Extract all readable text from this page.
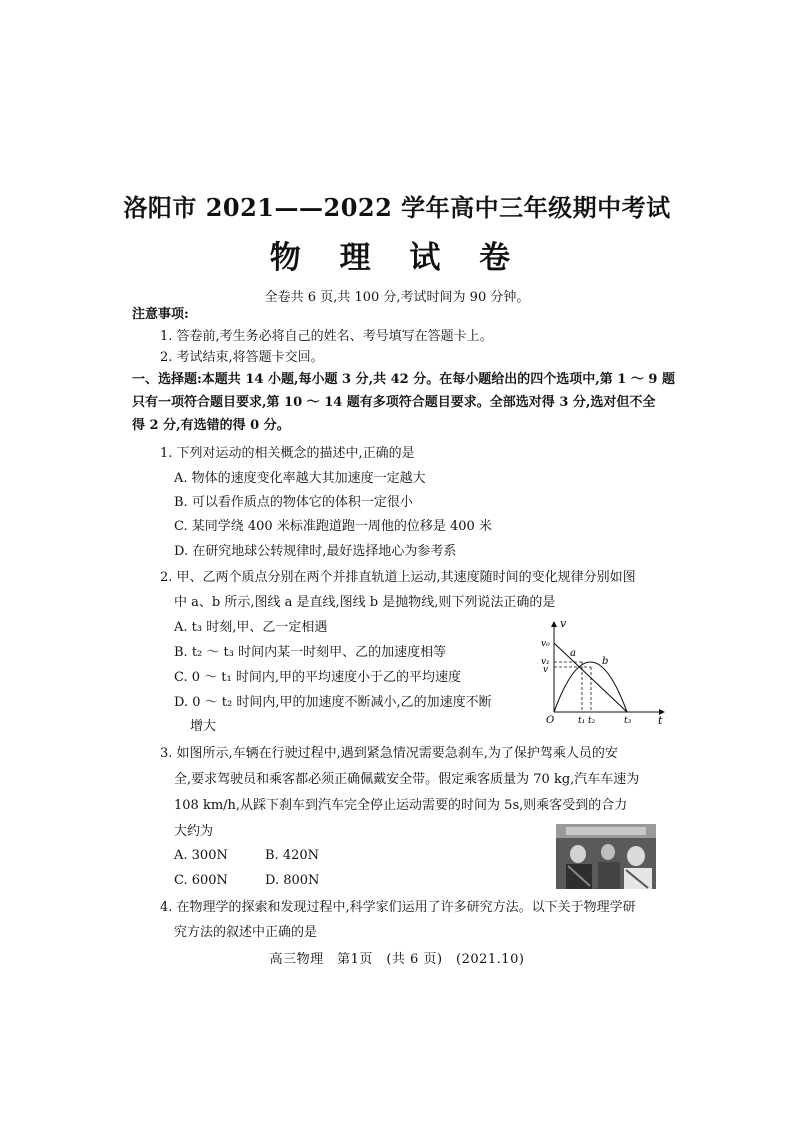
洛阳市 2021——2022 学年高中三年级期中考试
物 理 试 卷
全卷共 6 页,共 100 分,考试时间为 90 分钟。
注意事项:
1. 答卷前,考生务必将自己的姓名、考号填写在答题卡上。
2. 考试结束,将答题卡交回。
一、选择题:本题共 14 小题,每小题 3 分,共 42 分。在每小题给出的四个选项中,第 1 ～ 9 题
只有一项符合题目要求,第 10 ～ 14 题有多项符合题目要求。全部选对得 3 分,选对但不全
得 2 分,有选错的得 0 分。
1. 下列对运动的相关概念的描述中,正确的是
A. 物体的速度变化率越大其加速度一定越大
B. 可以看作质点的物体它的体积一定很小
C. 某同学绕 400 米标准跑道跑一周他的位移是 400 米
D. 在研究地球公转规律时,最好选择地心为参考系
2. 甲、乙两个质点分别在两个并排直轨道上运动,其速度随时间的变化规律分别如图
中 a、b 所示,图线 a 是直线,图线 b 是抛物线,则下列说法正确的是
A. t₃ 时刻,甲、乙一定相遇
B. t₂ ～ t₃ 时间内某一时刻甲、乙的加速度相等
C. 0 ～ t₁ 时间内,甲的平均速度小于乙的平均速度
D. 0 ～ t₂ 时间内,甲的加速度不断减小,乙的加速度不断
增大
v
t
O
v₀
v₁
v
t₁ t₂	t₃
a
b
3. 如图所示,车辆在行驶过程中,遇到紧急情况需要急刹车,为了保护驾乘人员的安
全,要求驾驶员和乘客都必须正确佩戴安全带。假定乘客质量为 70 kg,汽车车速为
108 km/h,从踩下刹车到汽车完全停止运动需要的时间为 5s,则乘客受到的合力
大约为
A. 300N	B. 420N
C. 600N	D. 800N
4. 在物理学的探索和发现过程中,科学家们运用了许多研究方法。以下关于物理学研
究方法的叙述中正确的是
高三物理　第1页　(共 6 页)　(2021.10)
